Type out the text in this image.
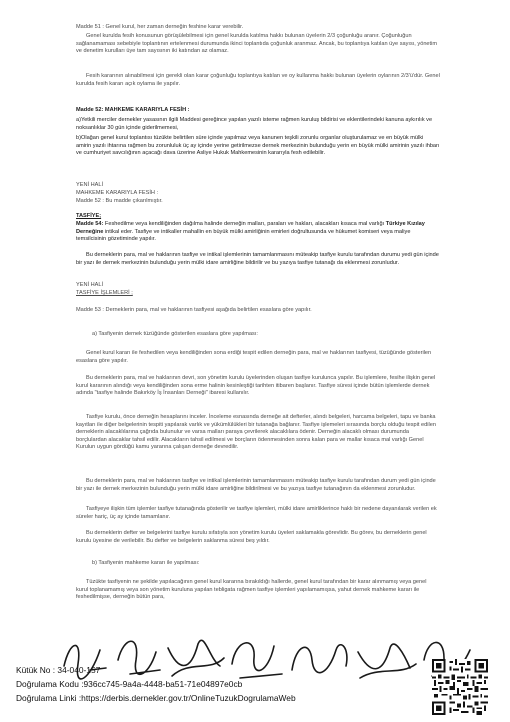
Madde 51 : Genel kurul, her zaman derneğin feshine karar verebilir.

Genel kurulda fesih konusunun görüşülebilmesi için genel kurulda katılma hakkı bulunan üyelerin 2/3 çoğunluğu aranır. Çoğunluğun sağlanamaması sebebiyle toplantının ertelenmesi durumunda ikinci toplantıda çoğunluk aranmaz. Ancak, bu toplantıya katılan üye sayısı, yönetim ve denetim kurulları üye tam sayısının iki katından az olamaz.

Fesih kararının alınabilmesi için gerekli olan karar çoğunluğu toplantıya katılan ve oy kullanma hakkı bulunan üyelerin oylarının 2/3'ü'dür. Genel kurulda fesih kararı açık oylama ile yapılır.

Madde 52: MAHKEME KARARIYLA FESİH :

a)Yetkili merciler dernekler yasasının ilgili Maddesi gereğince yapılan yazılı isteme rağmen kuruluş bildirisi ve eklentilerindeki kanuna aykırılık ve noksanlıklar 30 gün içinde giderilmemesi,

b)Olağan genel kurul toplantısı tüzükte belirtilen süre içinde yapılmaz veya kanunen teşkili zorunlu organlar oluşturulamaz ve en büyük mülki amirin yazılı ihtarına rağmen bu zorunluluk üç ay içinde yerine getirilmezse dernek merkezinin bulunduğu yerin en büyük mülki amirinin yazılı ihbarı ve cumhuriyet savcılığının açacağı dava üzerine Asliye Hukuk Mahkemesinin kararıyla fesh edilebilir.

YENİ HALİ

MAHKEME KARARIYLA FESİH :

Madde 52 : Bu madde çıkarılmıştır.

TASFİYE;

Madde 54: Feshedilme veya kendiliğinden dağılma halinde derneğin malları, paraları ve hakları, alacakları kısaca mal varlığı Türkiye Kızılay Derneğine intikal eder. Tasfiye ve intikaller mahallin en büyük mülki amirliğinin emirleri doğrultusunda ve hükumet komiseri veya maliye temsilcisinin gözetiminde yapılır.

Bu derneklerin para, mal ve haklarının tasfiye ve intikal işlemlerinin tamamlanmasını müteakip tasfiye kurulu tarafından durumu yedi gün içinde bir yazı ile dernek merkezinin bulunduğu yerin mülki idare amirliğine bildirilir ve bu yazıya tasfiye tutanağı da eklenmesi zorunludur.

YENİ HALİ

TASFİYE İŞLEMLERİ ;

Madde 53 : Derneklerin para, mal ve haklarının tasfiyesi aşağıda belirtilen esaslara göre yapılır.

a) Tasfiyenin dernek tüzüğünde gösterilen esaslara göre yapılması:

Genel kurul kararı ile feshedilen veya kendiliğinden sona erdiği tespit edilen derneğin para, mal ve haklarının tasfiyesi, tüzüğünde gösterilen esaslara göre yapılır.

Bu derneklerin para, mal ve haklarının devri, son yönetim kurulu üyelerinden oluşan tasfiye kurulunca yapılır. Bu işlemlere, fesihe ilişkin genel kurul kararının alındığı veya kendiliğinden sona erme halinin kesinleştiği tarihten itibaren başlanır. Tasfiye süresi içinde bütün işlemlerde dernek adında "tasfiye halinde Bakırköy İş İnsanları Derneği" ibaresi kullanılır.

Tasfiye kurulu, önce derneğin hesaplarını inceler. İnceleme esnasında derneğe ait defterler, alındı belgeleri, harcama belgeleri, tapu ve banka kayıtları ile diğer belgelerinin tespiti yapılarak varlık ve yükümlülükleri bir tutanağa bağlanır. Tasfiye işlemeleri sırasında borçlu olduğu tespit edilen derneklerin alacaklılarına çağrıda bulunulur ve varsa malları paraya çevrilerek alacaklılara ödenir. Derneğin alacaklı olması durumunda borçlulardan alacaklar tahsil edilir. Alacakların tahsil edilmesi ve borçların ödenmesinden sonra kalan para ve mallar kısaca mal varlığı Genel Kurulun uygun gördüğü kamu yararına çalışan derneğe devredilir.

Bu derneklerin para, mal ve haklarının tasfiye ve intikal işlemlerinin tamamlanmasını müteakip tasfiye kurulu tarafından durum yedi gün içinde bir yazı ile dernek merkezinin bulunduğu yerin mülki idare amirliğine bildirilmesi ve bu yazıya tasfiye tutanağının da eklenmesi zorunludur.

Tasfiyeye ilişkin tüm işlemler tasfiye tutanağında gösterilir ve tasfiye işlemleri, mülki idare amirliklerince haklı bir nedene dayanılarak verilen ek süreler hariç, üç ay içinde tamamlanır.

Bu derneklerin defter ve belgelerini tasfiye kurulu sıfatıyla son yönetim kurulu üyeleri saklamakla görevlidir. Bu görev, bu derneklerin genel kurulu üyesine de verilebilir. Bu defter ve belgelerin saklanma süresi beş yıldır.

b) Tasfiyenin mahkeme kararı ile yapılması:

Tüzükte tasfiyenin ne şekilde yapılacağının genel kurul kararına bırakıldığı hallerde, genel kurul tarafından bir karar alınmamış veya genel kurul toplanamamış veya son yönetim kuruluna yapılan tebligata rağmen tasfiye işlemleri yapılamamışsa, yahut dernek mahkeme kararı ile feshedilmişse, derneğin bütün para,

Kütük No : 34-040-157
Doğrulama Kodu :936cc745-9a4a-4448-ba51-71e04897e0cb
Doğrulama Linki :https://derbis.dernekler.gov.tr/OnlineTuzukDogrulamaWeb
